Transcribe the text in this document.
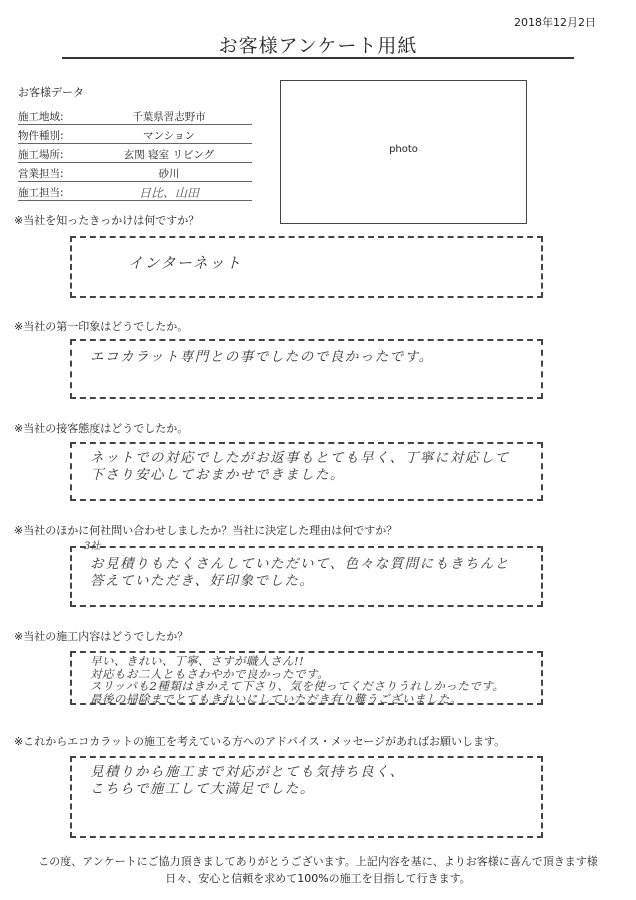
2018年12月2日
お客様アンケート用紙
お客様データ
施工地域:	千葉県習志野市
物件種別:	マンション
施工場所:	玄関 寝室 リビング
営業担当:	砂川
施工担当:	日比、山田
photo
※当社を知ったきっかけは何ですか？
インターネット
※当社の第一印象はどうでしたか。
エコカラット専門との事でしたので良かったです。
※当社の接客態度はどうでしたか。
ネットでの対応でしたがお返事もとても早く、丁寧に対応して
下さり安心しておまかせできました。
※当社のほかに何社問い合わせしましたか？当社に決定した理由は何ですか？
3社
お見積りもたくさんしていただいて、色々な質問にもきちんと
答えていただき、好印象でした。
※当社の施工内容はどうでしたか？
早い、きれい、丁寧、さすが職人さん!!
対応もお二人ともさわやかで良かったです。
スリッパも2種類はきかえて下さり、気を使ってくださりうれしかったです。
最後の掃除までとてもきれいにしていただき有り難うございました。
※これからエコカラットの施工を考えている方へのアドバイス・メッセージがあればお願いします。
見積りから施工まで対応がとても気持ち良く、
こちらで施工して大満足でした。
この度、アンケートにご協力頂きましてありがとうございます。上記内容を基に、よりお客様に喜んで頂きます様
日々、安心と信頼を求めて100%の施工を目指して行きます。
